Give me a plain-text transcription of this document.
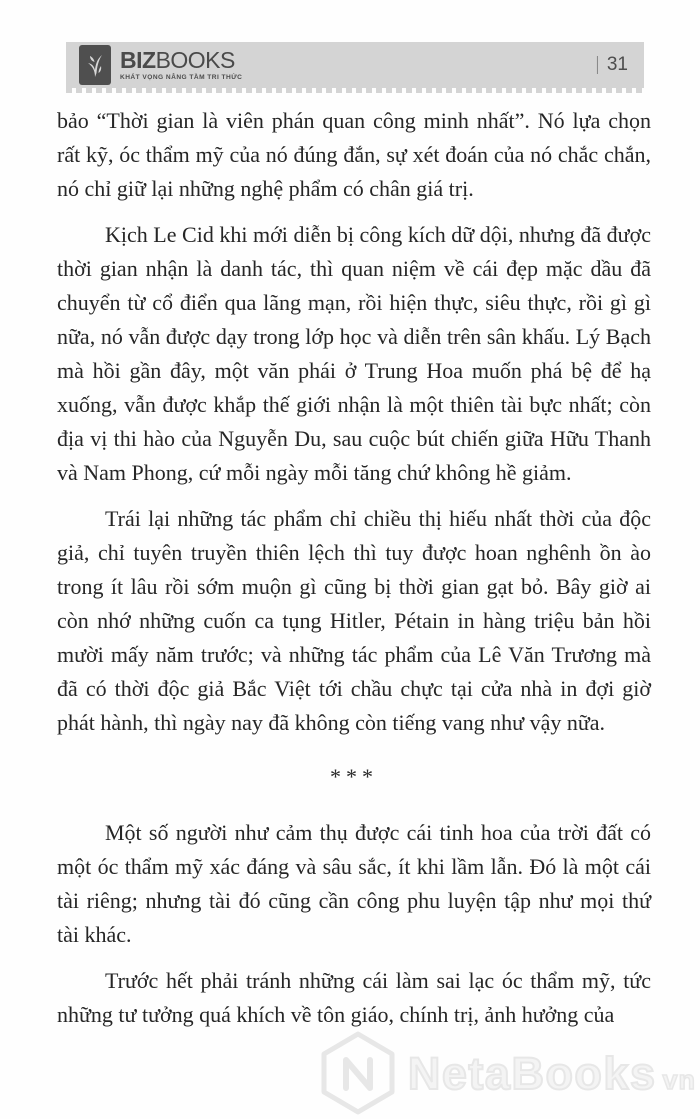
BIZBOOKS
KHÁT VỌNG NÂNG TẦM TRI THỨC
| 31

bảo “Thời gian là viên phán quan công minh nhất”. Nó lựa chọn rất kỹ, óc thẩm mỹ của nó đúng đắn, sự xét đoán của nó chắc chắn, nó chỉ giữ lại những nghệ phẩm có chân giá trị.

Kịch Le Cid khi mới diễn bị công kích dữ dội, nhưng đã được thời gian nhận là danh tác, thì quan niệm về cái đẹp mặc dầu đã chuyển từ cổ điển qua lãng mạn, rồi hiện thực, siêu thực, rồi gì gì nữa, nó vẫn được dạy trong lớp học và diễn trên sân khấu. Lý Bạch mà hồi gần đây, một văn phái ở Trung Hoa muốn phá bệ để hạ xuống, vẫn được khắp thế giới nhận là một thiên tài bực nhất; còn địa vị thi hào của Nguyễn Du, sau cuộc bút chiến giữa Hữu Thanh và Nam Phong, cứ mỗi ngày mỗi tăng chứ không hề giảm.

Trái lại những tác phẩm chỉ chiều thị hiếu nhất thời của độc giả, chỉ tuyên truyền thiên lệch thì tuy được hoan nghênh ồn ào trong ít lâu rồi sớm muộn gì cũng bị thời gian gạt bỏ. Bây giờ ai còn nhớ những cuốn ca tụng Hitler, Pétain in hàng triệu bản hồi mười mấy năm trước; và những tác phẩm của Lê Văn Trương mà đã có thời độc giả Bắc Việt tới chầu chực tại cửa nhà in đợi giờ phát hành, thì ngày nay đã không còn tiếng vang như vậy nữa.

***

Một số người như cảm thụ được cái tinh hoa của trời đất có một óc thẩm mỹ xác đáng và sâu sắc, ít khi lầm lẫn. Đó là một cái tài riêng; nhưng tài đó cũng cần công phu luyện tập như mọi thứ tài khác.

Trước hết phải tránh những cái làm sai lạc óc thẩm mỹ, tức những tư tưởng quá khích về tôn giáo, chính trị, ảnh hưởng của

NetaBooks vn
